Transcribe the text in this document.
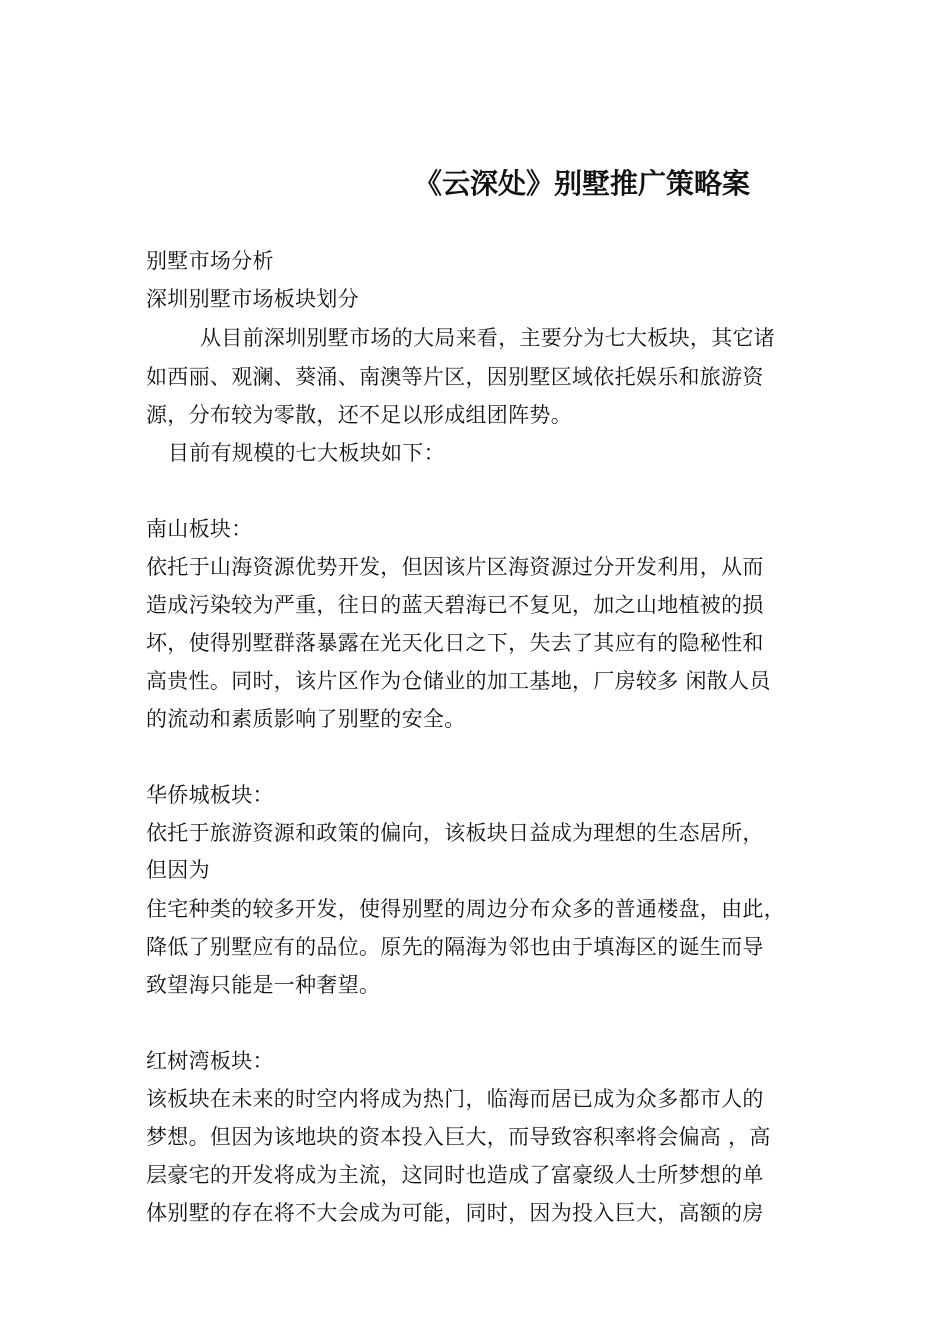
《云深处》别墅推广策略案
别墅市场分析
深圳别墅市场板块划分
从目前深圳别墅市场的大局来看，主要分为七大板块，其它诸
如西丽、观澜、葵涌、南澳等片区，因别墅区域依托娱乐和旅游资
源，分布较为零散，还不足以形成组团阵势。
目前有规模的七大板块如下：
南山板块：
依托于山海资源优势开发，但因该片区海资源过分开发利用，从而
造成污染较为严重，往日的蓝天碧海已不复见，加之山地植被的损
坏，使得别墅群落暴露在光天化日之下，失去了其应有的隐秘性和
高贵性。同时，该片区作为仓储业的加工基地，厂房较多 闲散人员
的流动和素质影响了别墅的安全。
华侨城板块：
依托于旅游资源和政策的偏向，该板块日益成为理想的生态居所，
但因为
住宅种类的较多开发，使得别墅的周边分布众多的普通楼盘，由此，
降低了别墅应有的品位。原先的隔海为邻也由于填海区的诞生而导
致望海只能是一种奢望。
红树湾板块：
该板块在未来的时空内将成为热门，临海而居已成为众多都市人的
梦想。但因为该地块的资本投入巨大，而导致容积率将会偏高 ，高
层豪宅的开发将成为主流，这同时也造成了富豪级人士所梦想的单
体别墅的存在将不大会成为可能，同时，因为投入巨大，高额的房
